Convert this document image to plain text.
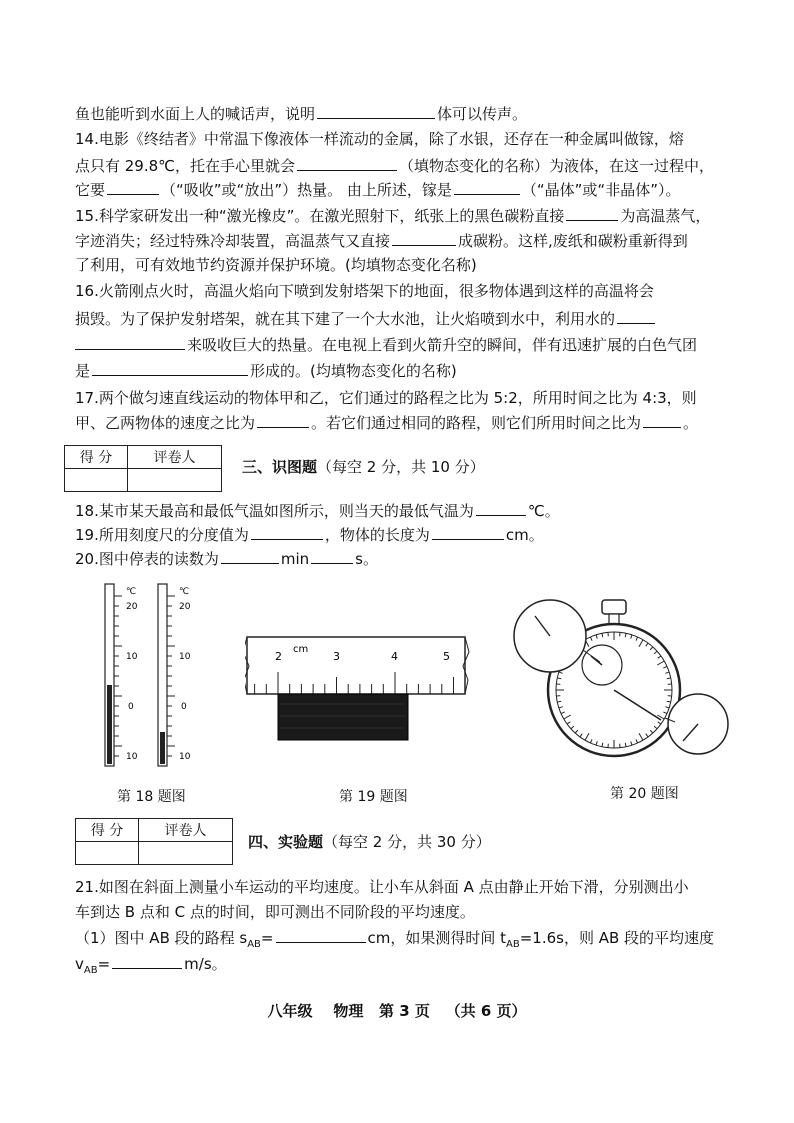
鱼也能听到水面上人的喊话声，说明	体可以传声。
14.电影《终结者》中常温下像液体一样流动的金属，除了水银，还存在一种金属叫做镓，熔
点只有 29.8℃，托在手心里就会	（填物态变化的名称）为液体，在这一过程中，
它要	（“吸收”或“放出”）热量。 由上所述，镓是	（“晶体”或“非晶体”）。
15.科学家研发出一种“激光橡皮”。在激光照射下，纸张上的黑色碳粉直接	为高温蒸气，
字迹消失；经过特殊冷却装置，高温蒸气又直接	成碳粉。这样,废纸和碳粉重新得到
了利用，可有效地节约资源并保护环境。(均填物态变化名称)
16.火箭刚点火时，高温火焰向下喷到发射塔架下的地面，很多物体遇到这样的高温将会
损毁。为了保护发射塔架，就在其下建了一个大水池，让火焰喷到水中，利用水的
来吸收巨大的热量。在电视上看到火箭升空的瞬间，伴有迅速扩展的白色气团
是	形成的。(均填物态变化的名称)
17.两个做匀速直线运动的物体甲和乙，它们通过的路程之比为 5:2，所用时间之比为 4:3，则
甲、乙两物体的速度之比为	。若它们通过相同的路程，则它们所用时间之比为	。
得 分	评卷人
		三、识图题（每空 2 分，共 10 分）
18.某市某天最高和最低气温如图所示，则当天的最低气温为	℃。
19.所用刻度尺的分度值为	，物体的长度为	cm。
20.图中停表的读数为	min	s。
℃
20
10
0
10
℃
20
10
0
10
第 18 题图
2
cm
3	4	5
第 19 题图	第 20 题图
得 分	评卷人

四、实验题（每空 2 分，共 30 分）
21.如图在斜面上测量小车运动的平均速度。让小车从斜面 A 点由静止开始下滑，分别测出小
车到达 B 点和 C 点的时间，即可测出不同阶段的平均速度。
（1）图中 AB 段的路程 $s_{AB}=$	cm，如果测得时间 $t_{AB}=1.6s$，则 AB 段的平均速度
$v_{AB}=$	m/s。
八年级    物理   第 3 页   （共 6 页）
